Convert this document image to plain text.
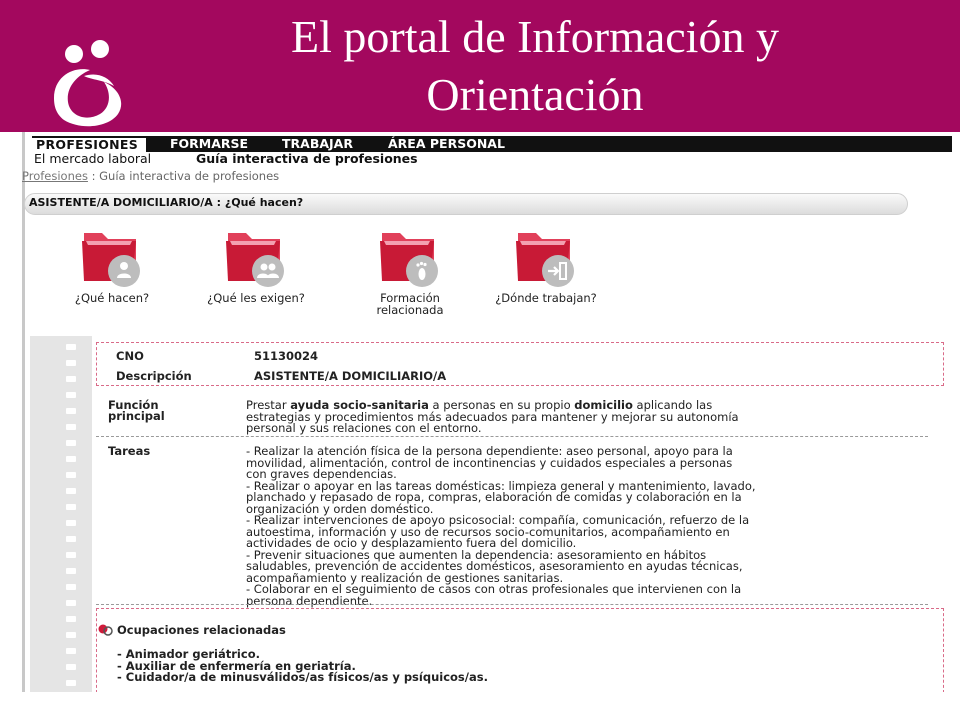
El portal de Información y
Orientación
PROFESIONES	FORMARSE	TRABAJAR	ÁREA PERSONAL
El mercado laboral	Guía interactiva de profesiones
Profesiones : Guía interactiva de profesiones
ASISTENTE/A DOMICILIARIO/A : ¿Qué hacen?
¿Qué hacen?	¿Qué les exigen?	Formación
relacionada
¿Dónde trabajan?
CNO	51130024
Descripción	ASISTENTE/A DOMICILIARIO/A
Función
principal
Prestar ayuda socio-sanitaria a personas en su propio domicilio aplicando las
estrategias y procedimientos más adecuados para mantener y mejorar su autonomía
personal y sus relaciones con el entorno.
Tareas	- Realizar la atención física de la persona dependiente: aseo personal, apoyo para la
movilidad, alimentación, control de incontinencias y cuidados especiales a personas
con graves dependencias.
- Realizar o apoyar en las tareas domésticas: limpieza general y mantenimiento, lavado,
planchado y repasado de ropa, compras, elaboración de comidas y colaboración en la
organización y orden doméstico.
- Realizar intervenciones de apoyo psicosocial: compañía, comunicación, refuerzo de la
autoestima, información y uso de recursos socio-comunitarios, acompañamiento en
actividades de ocio y desplazamiento fuera del domicilio.
- Prevenir situaciones que aumenten la dependencia: asesoramiento en hábitos
saludables, prevención de accidentes domésticos, asesoramiento en ayudas técnicas,
acompañamiento y realización de gestiones sanitarias.
- Colaborar en el seguimiento de casos con otras profesionales que intervienen con la
persona dependiente.
Ocupaciones relacionadas
- Animador geriátrico.
- Auxiliar de enfermería en geriatría.
- Cuidador/a de minusválidos/as físicos/as y psíquicos/as.
